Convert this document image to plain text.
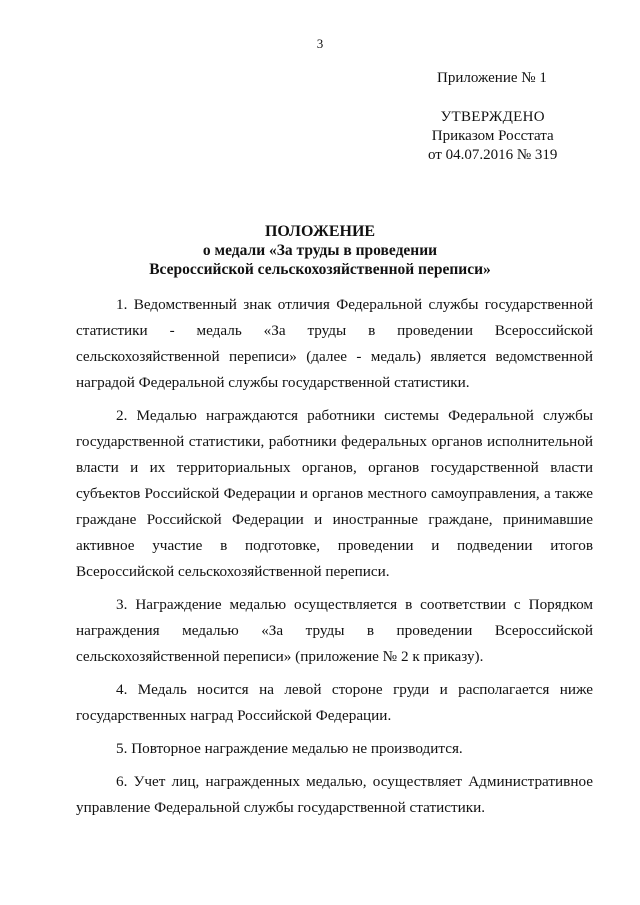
3
Приложение № 1
УТВЕРЖДЕНО
Приказом Росстата
от 04.07.2016 № 319
ПОЛОЖЕНИЕ
о медали «За труды в проведении
Всероссийской сельскохозяйственной переписи»
1. Ведомственный знак отличия Федеральной службы государственной
статистики - медаль «За труды в проведении Всероссийской
сельскохозяйственной переписи» (далее - медаль) является ведомственной
наградой Федеральной службы государственной статистики.
2. Медалью награждаются работники системы Федеральной службы
государственной статистики, работники федеральных органов исполнительной
власти и их территориальных органов, органов государственной власти
субъектов Российской Федерации и органов местного самоуправления, а также
граждане Российской Федерации и иностранные граждане, принимавшие
активное участие в подготовке, проведении и подведении итогов
Всероссийской сельскохозяйственной переписи.
3. Награждение медалью осуществляется в соответствии с Порядком
награждения медалью «За труды в проведении Всероссийской
сельскохозяйственной переписи» (приложение № 2 к приказу).
4. Медаль носится на левой стороне груди и располагается ниже
государственных наград Российской Федерации.
5. Повторное награждение медалью не производится.
6. Учет лиц, награжденных медалью, осуществляет Административное
управление Федеральной службы государственной статистики.
